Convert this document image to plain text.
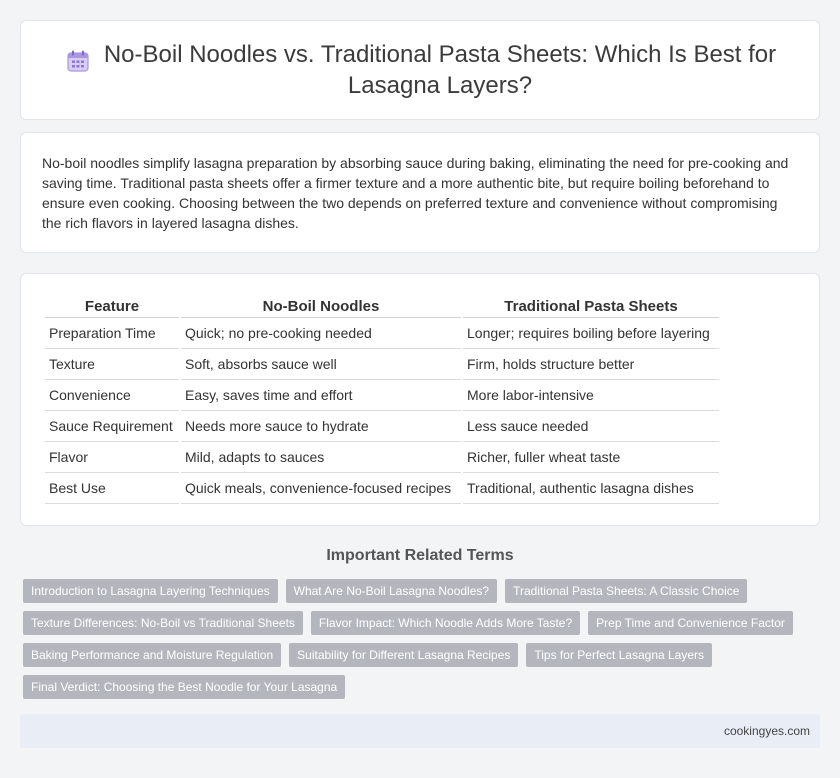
No-Boil Noodles vs. Traditional Pasta Sheets: Which Is Best for Lasagna Layers?

No-boil noodles simplify lasagna preparation by absorbing sauce during baking, eliminating the need for pre-cooking and saving time. Traditional pasta sheets offer a firmer texture and a more authentic bite, but require boiling beforehand to ensure even cooking. Choosing between the two depends on preferred texture and convenience without compromising the rich flavors in layered lasagna dishes.

Feature	No-Boil Noodles	Traditional Pasta Sheets
Preparation Time	Quick; no pre-cooking needed	Longer; requires boiling before layering
Texture	Soft, absorbs sauce well	Firm, holds structure better
Convenience	Easy, saves time and effort	More labor-intensive
Sauce Requirement	Needs more sauce to hydrate	Less sauce needed
Flavor	Mild, adapts to sauces	Richer, fuller wheat taste
Best Use	Quick meals, convenience-focused recipes	Traditional, authentic lasagna dishes
Important Related Terms
Introduction to Lasagna Layering Techniques	What Are No-Boil Lasagna Noodles?	Traditional Pasta Sheets: A Classic Choice
Texture Differences: No-Boil vs Traditional Sheets	Flavor Impact: Which Noodle Adds More Taste?	Prep Time and Convenience Factor
Baking Performance and Moisture Regulation	Suitability for Different Lasagna Recipes	Tips for Perfect Lasagna Layers
Final Verdict: Choosing the Best Noodle for Your Lasagna
cookingyes.com
